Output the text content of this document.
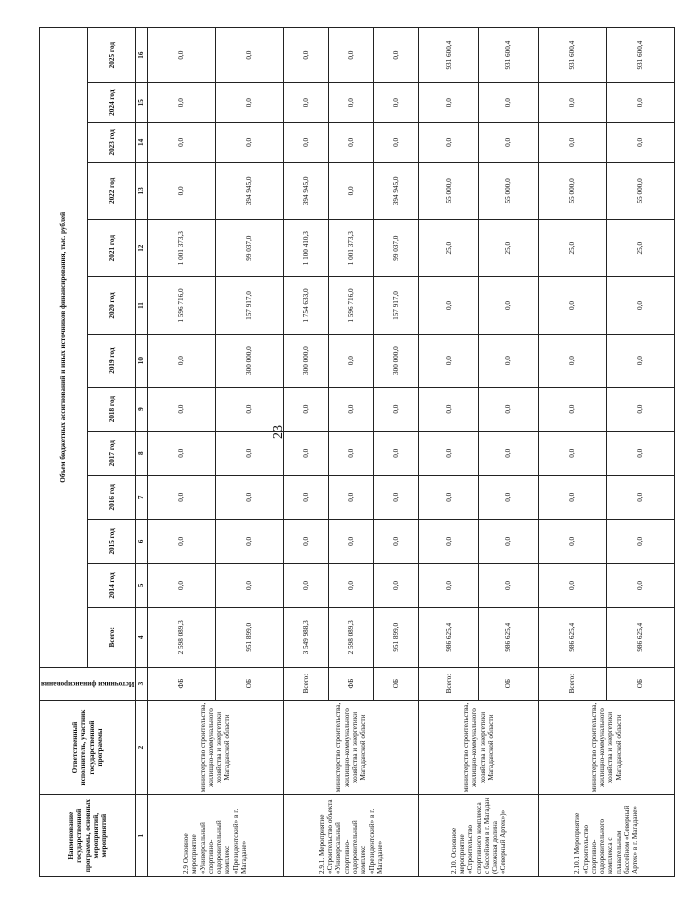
23
Наименование государственной программы, основных мероприятий, мероприятий	Ответственный исполнитель, участник государственной программы	Источники финансирования	Объем бюджетных ассигнований и иных источников финансирования, тыс. рублей												
			Всего:	2014 год	2015 год	2016 год	2017 год	2018 год	2019 год	2020 год	2021 год	2022 год	2023 год	2024 год	2025 год
1	2	3	4	5	6	7	8	9	10	11	12	13	14	15	16
2.9 Основное мероприятие «Универсальный спортивно-оздоровительный комплекс «Президентский» в г. Магадане»	министерство строительства, жилищно-коммунального хозяйства и энергетики Магаданской области	ФБ	2 598 089,3	0,0	0,0	0,0	0,0	0,0	0,0	1 596 716,0	1 001 373,3	0,0	0,0	0,0	0,0
		ОБ	951 899,0	0,0	0,0	0,0	0,0	0,0	300 000,0	157 917,0	99 037,0	394 945,0	0,0	0,0	0,0
2.9.1. Мероприятие «Строительство объекта «Универсальный спортивно-оздоровительный комплекс «Президентский» в г. Магадане»	министерство строительства, жилищно-коммунального хозяйства и энергетики Магаданской области	Всего:	3 549 988,3	0,0	0,0	0,0	0,0	0,0	300 000,0	1 754 633,0	1 100 410,3	394 945,0	0,0	0,0	0,0
		ФБ	2 598 089,3	0,0	0,0	0,0	0,0	0,0	0,0	1 596 716,0	1 001 373,3	0,0	0,0	0,0	0,0
		ОБ	951 899,0	0,0	0,0	0,0	0,0	0,0	300 000,0	157 917,0	99 037,0	394 945,0	0,0	0,0	0,0
2.10. Основное мероприятие «Строительство спортивного комплекса с бассейном в г. Магадан (Снежная долина «Северный Артек»)»	министерство строительства, жилищно-коммунального хозяйства и энергетики Магаданской области	Всего:	986 625,4	0,0	0,0	0,0	0,0	0,0	0,0	0,0	25,0	55 000,0	0,0	0,0	931 600,4
		ОБ	986 625,4	0,0	0,0	0,0	0,0	0,0	0,0	0,0	25,0	55 000,0	0,0	0,0	931 600,4
2.10.1 Мероприятие «Строительство спортивно-оздоровительного комплекса с плавательным бассейном «Северный Артек» в г. Магадане»	министерство строительства, жилищно-коммунального хозяйства и энергетики Магаданской области	Всего:	986 625,4	0,0	0,0	0,0	0,0	0,0	0,0	0,0	25,0	55 000,0	0,0	0,0	931 600,4
		ОБ	986 625,4	0,0	0,0	0,0	0,0	0,0	0,0	0,0	25,0	55 000,0	0,0	0,0	931 600,4
